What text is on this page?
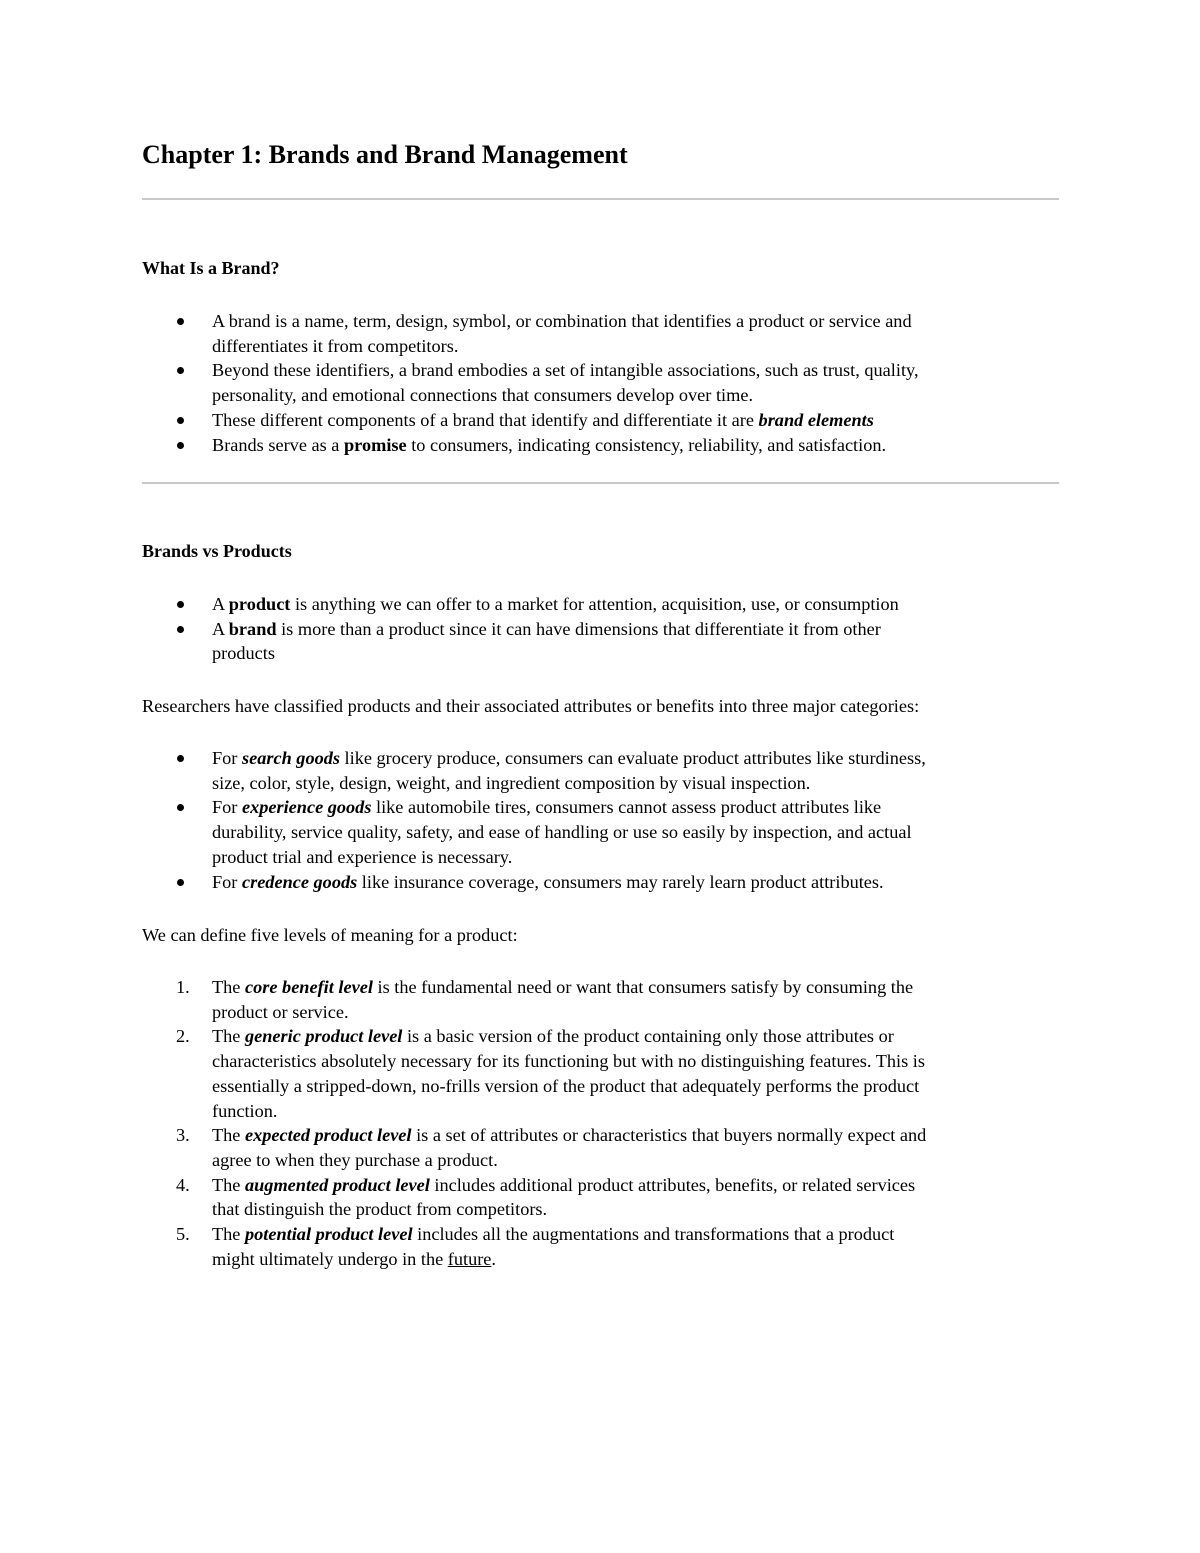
Chapter 1: Brands and Brand Management
What Is a Brand?
A brand is a name, term, design, symbol, or combination that identifies a product or service and
differentiates it from competitors.
Beyond these identifiers, a brand embodies a set of intangible associations, such as trust, quality,
personality, and emotional connections that consumers develop over time.
These different components of a brand that identify and differentiate it are brand elements
Brands serve as a promise to consumers, indicating consistency, reliability, and satisfaction.
Brands vs Products
A product is anything we can offer to a market for attention, acquisition, use, or consumption
A brand is more than a product since it can have dimensions that differentiate it from other
products

Researchers have classified products and their associated attributes or benefits into three major categories:

For search goods like grocery produce, consumers can evaluate product attributes like sturdiness,
size, color, style, design, weight, and ingredient composition by visual inspection.
For experience goods like automobile tires, consumers cannot assess product attributes like
durability, service quality, safety, and ease of handling or use so easily by inspection, and actual
product trial and experience is necessary.
For credence goods like insurance coverage, consumers may rarely learn product attributes.

We can define five levels of meaning for a product:

1. The core benefit level is the fundamental need or want that consumers satisfy by consuming the
product or service.
2. The generic product level is a basic version of the product containing only those attributes or
characteristics absolutely necessary for its functioning but with no distinguishing features. This is
essentially a stripped-down, no-frills version of the product that adequately performs the product
function.
3. The expected product level is a set of attributes or characteristics that buyers normally expect and
agree to when they purchase a product.
4. The augmented product level includes additional product attributes, benefits, or related services
that distinguish the product from competitors.
5. The potential product level includes all the augmentations and transformations that a product
might ultimately undergo in the future.
